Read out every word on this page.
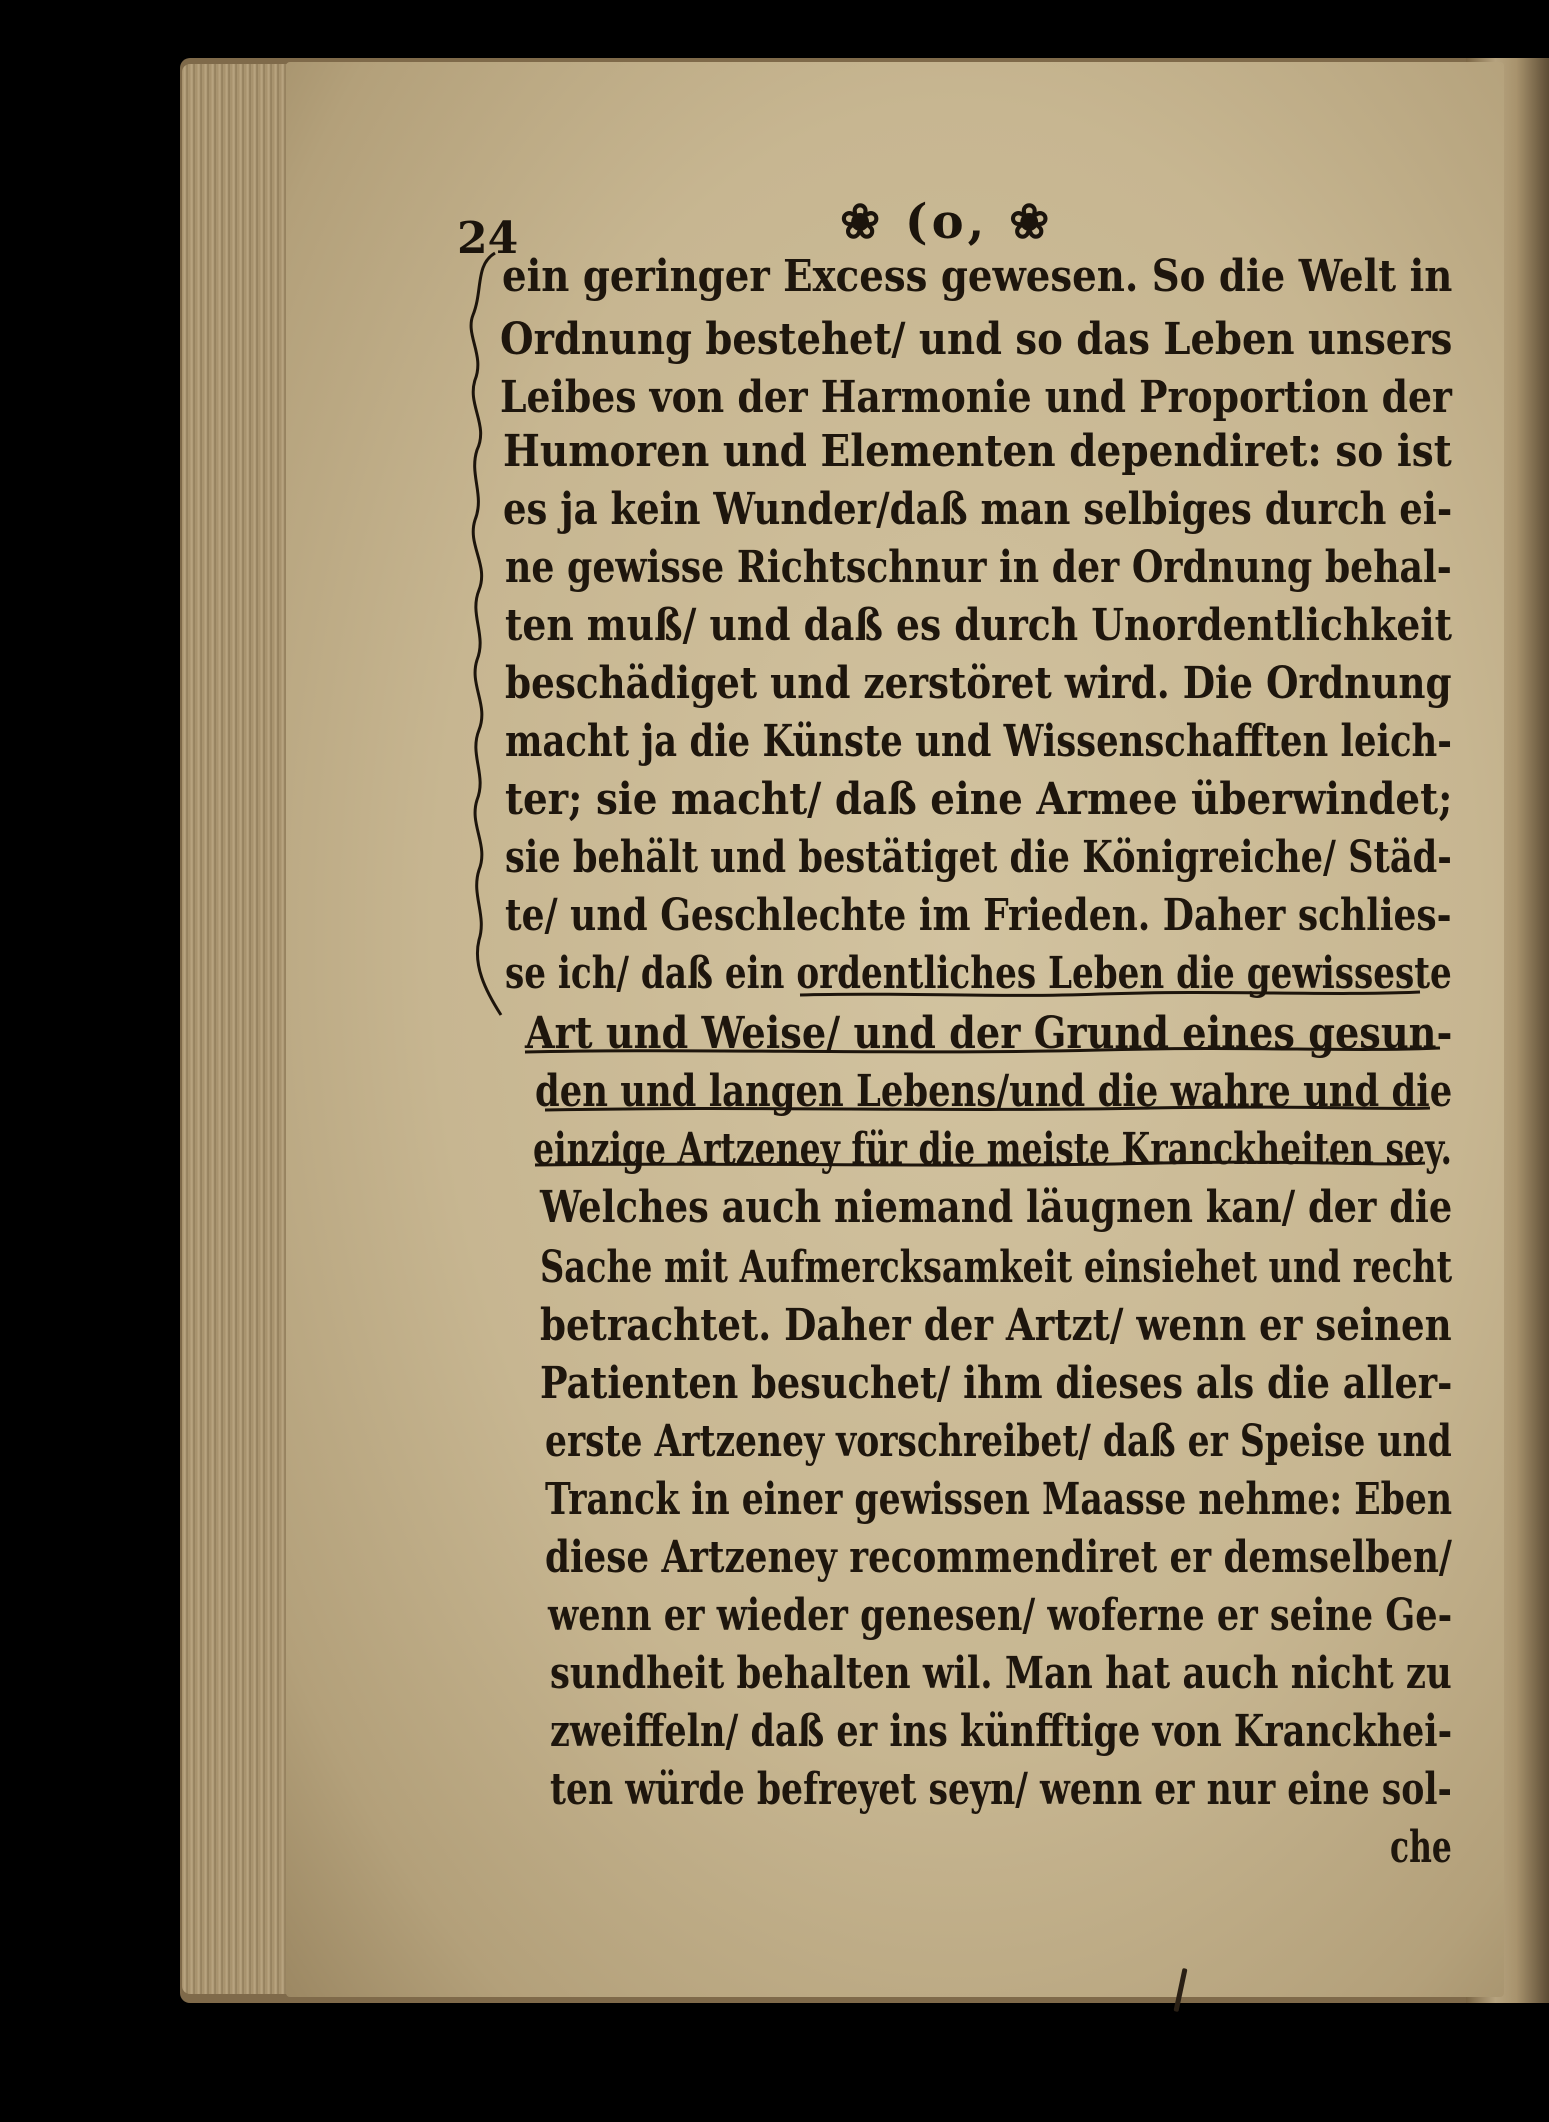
24	❀ (o, ❀
ein geringer Excess gewesen. So die Welt in
Ordnung bestehet/ und so das Leben unsers
Leibes von der Harmonie und Proportion der
Humoren und Elementen dependiret: so ist
es ja kein Wunder/daß man selbiges durch ei-
ne gewisse Richtschnur in der Ordnung behal-
ten muß/ und daß es durch Unordentlichkeit
beschädiget und zerstöret wird. Die Ordnung
macht ja die Künste und Wissenschafften leich-
ter; sie macht/ daß eine Armee überwindet;
sie behält und bestätiget die Königreiche/ Städ-
te/ und Geschlechte im Frieden. Daher schlies-
se ich/ daß ein ordentliches Leben die gewisseste
Art und Weise/ und der Grund eines gesun-
den und langen Lebens/und die wahre und die
einzige Artzeney für die meiste Kranckheiten sey.
Welches auch niemand läugnen kan/ der die
Sache mit Aufmercksamkeit einsiehet und recht
betrachtet. Daher der Artzt/ wenn er seinen
Patienten besuchet/ ihm dieses als die aller-
erste Artzeney vorschreibet/ daß er Speise und
Tranck in einer gewissen Maasse nehme: Eben
diese Artzeney recommendiret er demselben/
wenn er wieder genesen/ woferne er seine Ge-
sundheit behalten wil. Man hat auch nicht zu
zweiffeln/ daß er ins künfftige von Kranckhei-
ten würde befreyet seyn/ wenn er nur eine sol-
che
